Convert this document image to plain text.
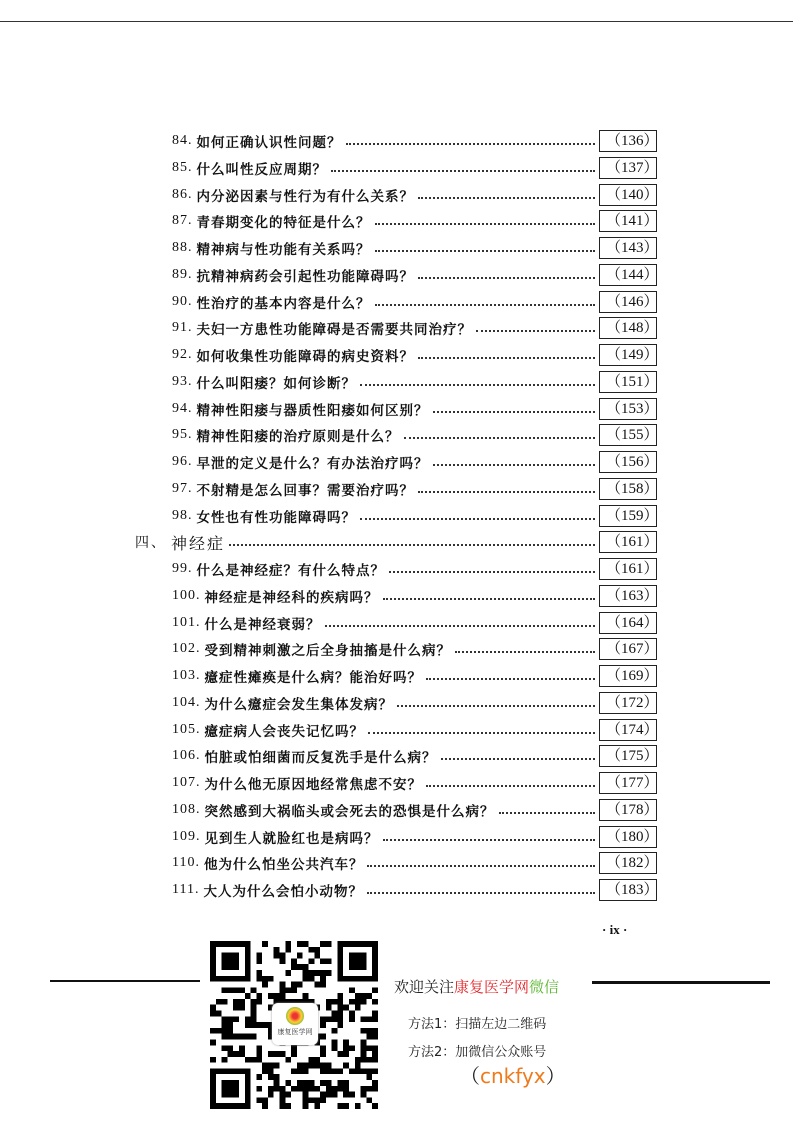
84. 如何正确认识性问题？	（136）
85. 什么叫性反应周期？	（137）
86. 内分泌因素与性行为有什么关系？	（140）
87. 青春期变化的特征是什么？	（141）
88. 精神病与性功能有关系吗？	（143）
89. 抗精神病药会引起性功能障碍吗？	（144）
90. 性治疗的基本内容是什么？	（146）
91. 夫妇一方患性功能障碍是否需要共同治疗？	（148）
92. 如何收集性功能障碍的病史资料？	（149）
93. 什么叫阳痿？如何诊断？	（151）
94. 精神性阳痿与器质性阳痿如何区别？	（153）
95. 精神性阳痿的治疗原则是什么？	（155）
96. 早泄的定义是什么？有办法治疗吗？	（156）
97. 不射精是怎么回事？需要治疗吗？	（158）
98. 女性也有性功能障碍吗？	（159）
四、 神经症	（161）
99. 什么是神经症？有什么特点？	（161）
100. 神经症是神经科的疾病吗？	（163）
101. 什么是神经衰弱？	（164）
102. 受到精神刺激之后全身抽搐是什么病？	（167）
103. 癔症性瘫痪是什么病？能治好吗？	（169）
104. 为什么癔症会发生集体发病？	（172）
105. 癔症病人会丧失记忆吗？	（174）
106. 怕脏或怕细菌而反复洗手是什么病？	（175）
107. 为什么他无原因地经常焦虑不安？	（177）
108. 突然感到大祸临头或会死去的恐惧是什么病？	（178）
109. 见到生人就脸红也是病吗？	（180）
110. 他为什么怕坐公共汽车？	（182）
111. 大人为什么会怕小动物？	（183）
· ix ·
康复医学网
欢迎关注康复医学网微信
方法1：扫描左边二维码
方法2：加微信公众账号
（cnkfyx）
